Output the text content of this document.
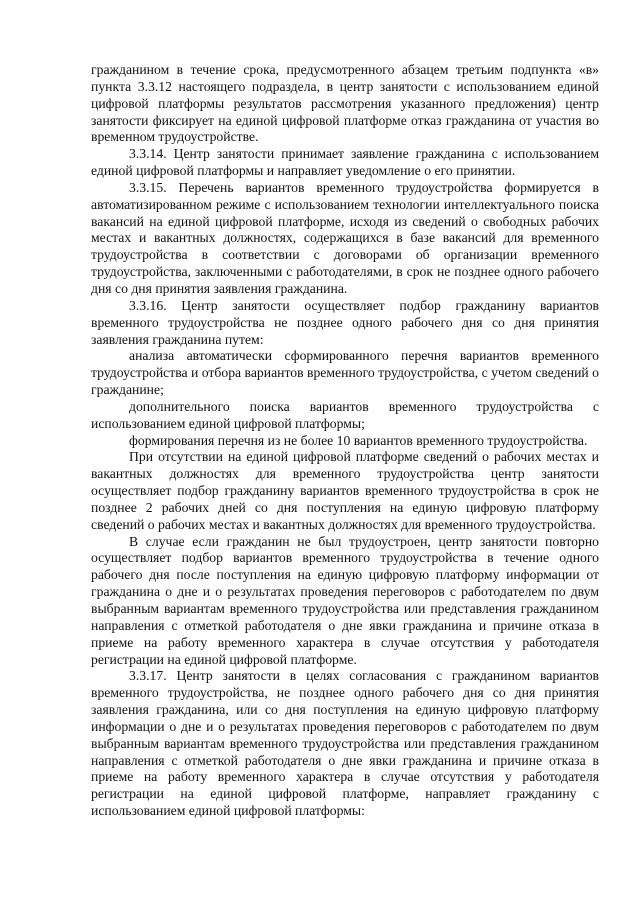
гражданином в течение срока, предусмотренного абзацем третьим подпункта «в» пункта 3.3.12 настоящего подраздела, в центр занятости с использованием единой цифровой платформы результатов рассмотрения указанного предложения) центр занятости фиксирует на единой цифровой платформе отказ гражданина от участия во временном трудоустройстве.

3.3.14. Центр занятости принимает заявление гражданина с использованием единой цифровой платформы и направляет уведомление о его принятии.

3.3.15. Перечень вариантов временного трудоустройства формируется в автоматизированном режиме с использованием технологии интеллектуального поиска вакансий на единой цифровой платформе, исходя из сведений о свободных рабочих местах и вакантных должностях, содержащихся в базе вакансий для временного трудоустройства в соответствии с договорами об организации временного трудоустройства, заключенными с работодателями, в срок не позднее одного рабочего дня со дня принятия заявления гражданина.

3.3.16. Центр занятости осуществляет подбор гражданину вариантов временного трудоустройства не позднее одного рабочего дня со дня принятия заявления гражданина путем:

анализа автоматически сформированного перечня вариантов временного трудоустройства и отбора вариантов временного трудоустройства, с учетом сведений о гражданине;

дополнительного поиска вариантов временного трудоустройства с использованием единой цифровой платформы;

формирования перечня из не более 10 вариантов временного трудоустройства.

При отсутствии на единой цифровой платформе сведений о рабочих местах и вакантных должностях для временного трудоустройства центр занятости осуществляет подбор гражданину вариантов временного трудоустройства в срок не позднее 2 рабочих дней со дня поступления на единую цифровую платформу сведений о рабочих местах и вакантных должностях для временного трудоустройства.

В случае если гражданин не был трудоустроен, центр занятости повторно осуществляет подбор вариантов временного трудоустройства в течение одного рабочего дня после поступления на единую цифровую платформу информации от гражданина о дне и о результатах проведения переговоров с работодателем по двум выбранным вариантам временного трудоустройства или представления гражданином направления с отметкой работодателя о дне явки гражданина и причине отказа в приеме на работу временного характера в случае отсутствия у работодателя регистрации на единой цифровой платформе.

3.3.17. Центр занятости в целях согласования с гражданином вариантов временного трудоустройства, не позднее одного рабочего дня со дня принятия заявления гражданина, или со дня поступления на единую цифровую платформу информации о дне и о результатах проведения переговоров с работодателем по двум выбранным вариантам временного трудоустройства или представления гражданином направления с отметкой работодателя о дне явки гражданина и причине отказа в приеме на работу временного характера в случае отсутствия у работодателя регистрации на единой цифровой платформе, направляет гражданину с использованием единой цифровой платформы:
